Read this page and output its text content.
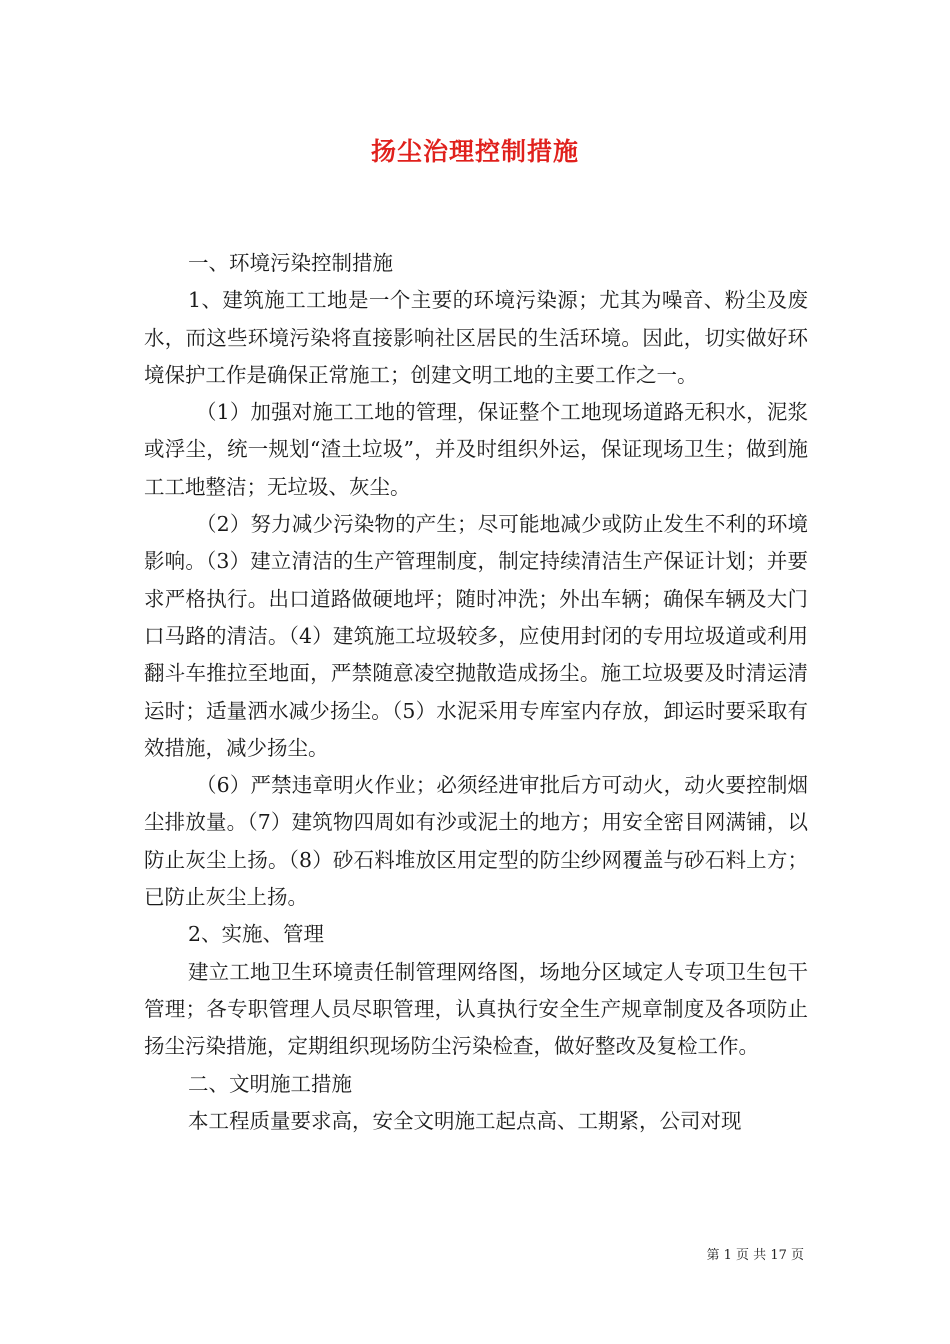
扬尘治理控制措施

一、环境污染控制措施

1、建筑施工工地是一个主要的环境污染源；尤其为噪音、粉尘及废水，而这些环境污染将直接影响社区居民的生活环境。因此，切实做好环境保护工作是确保正常施工；创建文明工地的主要工作之一。

（1）加强对施工工地的管理，保证整个工地现场道路无积水，泥浆或浮尘，统一规划“渣土垃圾”，并及时组织外运，保证现场卫生；做到施工工地整洁；无垃圾、灰尘。

（2）努力减少污染物的产生；尽可能地减少或防止发生不利的环境影响。（3）建立清洁的生产管理制度，制定持续清洁生产保证计划；并要求严格执行。出口道路做硬地坪；随时冲洗；外出车辆；确保车辆及大门口马路的清洁。（4）建筑施工垃圾较多，应使用封闭的专用垃圾道或利用翻斗车推拉至地面，严禁随意凌空抛散造成扬尘。施工垃圾要及时清运清运时；适量洒水减少扬尘。（5）水泥采用专库室内存放，卸运时要采取有效措施，减少扬尘。

（6）严禁违章明火作业；必须经进审批后方可动火，动火要控制烟尘排放量。（7）建筑物四周如有沙或泥土的地方；用安全密目网满铺，以防止灰尘上扬。（8）砂石料堆放区用定型的防尘纱网覆盖与砂石料上方；已防止灰尘上扬。

2、实施、管理

建立工地卫生环境责任制管理网络图，场地分区域定人专项卫生包干管理；各专职管理人员尽职管理，认真执行安全生产规章制度及各项防止扬尘污染措施，定期组织现场防尘污染检查，做好整改及复检工作。

二、文明施工措施

本工程质量要求高，安全文明施工起点高、工期紧，公司对现

第 1 页 共 17 页
